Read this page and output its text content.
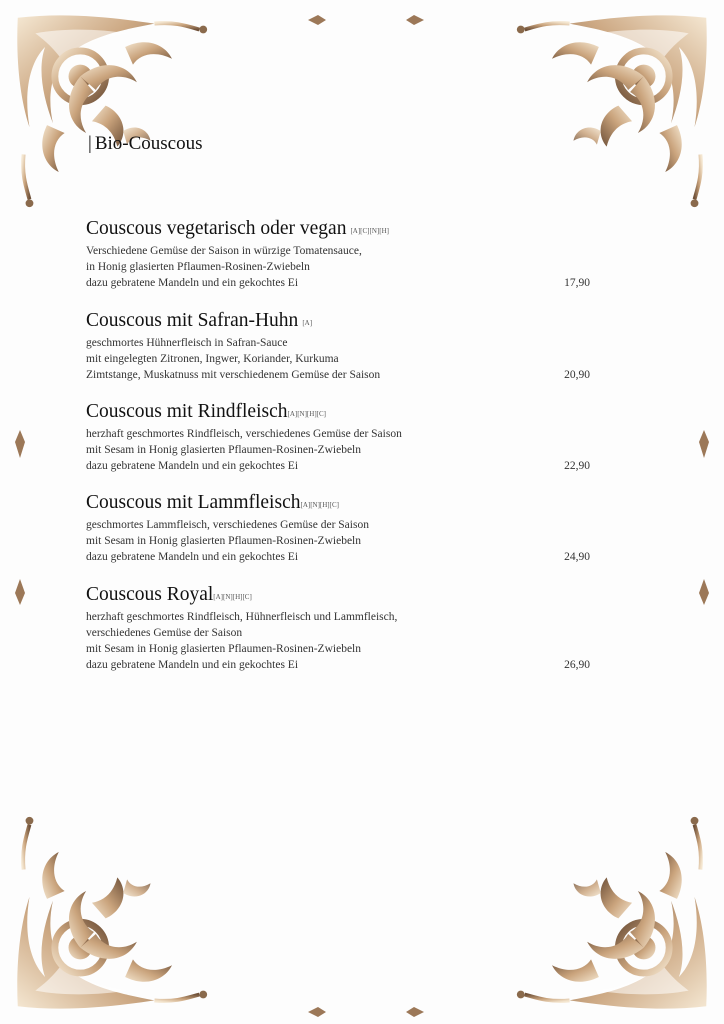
| Bio-Couscous
Couscous vegetarisch oder vegan [A][C][N][H]
Verschiedene Gemüse der Saison in würzige Tomatensauce,
in Honig glasierten Pflaumen-Rosinen-Zwiebeln
dazu gebratene Mandeln und ein gekochtes Ei	17,90
Couscous mit Safran-Huhn [A]
geschmortes Hühnerfleisch in Safran-Sauce
mit eingelegten Zitronen, Ingwer, Koriander, Kurkuma
Zimtstange, Muskatnuss mit verschiedenem Gemüse der Saison	20,90
Couscous mit Rindfleisch[A][N][H][C]
herzhaft geschmortes Rindfleisch, verschiedenes Gemüse der Saison
mit Sesam in Honig glasierten Pflaumen-Rosinen-Zwiebeln
dazu gebratene Mandeln und ein gekochtes Ei	22,90
Couscous mit Lammfleisch[A][N][H][C]
geschmortes Lammfleisch, verschiedenes Gemüse der Saison
mit Sesam in Honig glasierten Pflaumen-Rosinen-Zwiebeln
dazu gebratene Mandeln und ein gekochtes Ei	24,90
Couscous Royal[A][N][H][C]
herzhaft geschmortes Rindfleisch, Hühnerfleisch und Lammfleisch,
verschiedenes Gemüse der Saison
mit Sesam in Honig glasierten Pflaumen-Rosinen-Zwiebeln
dazu gebratene Mandeln und ein gekochtes Ei	26,90
